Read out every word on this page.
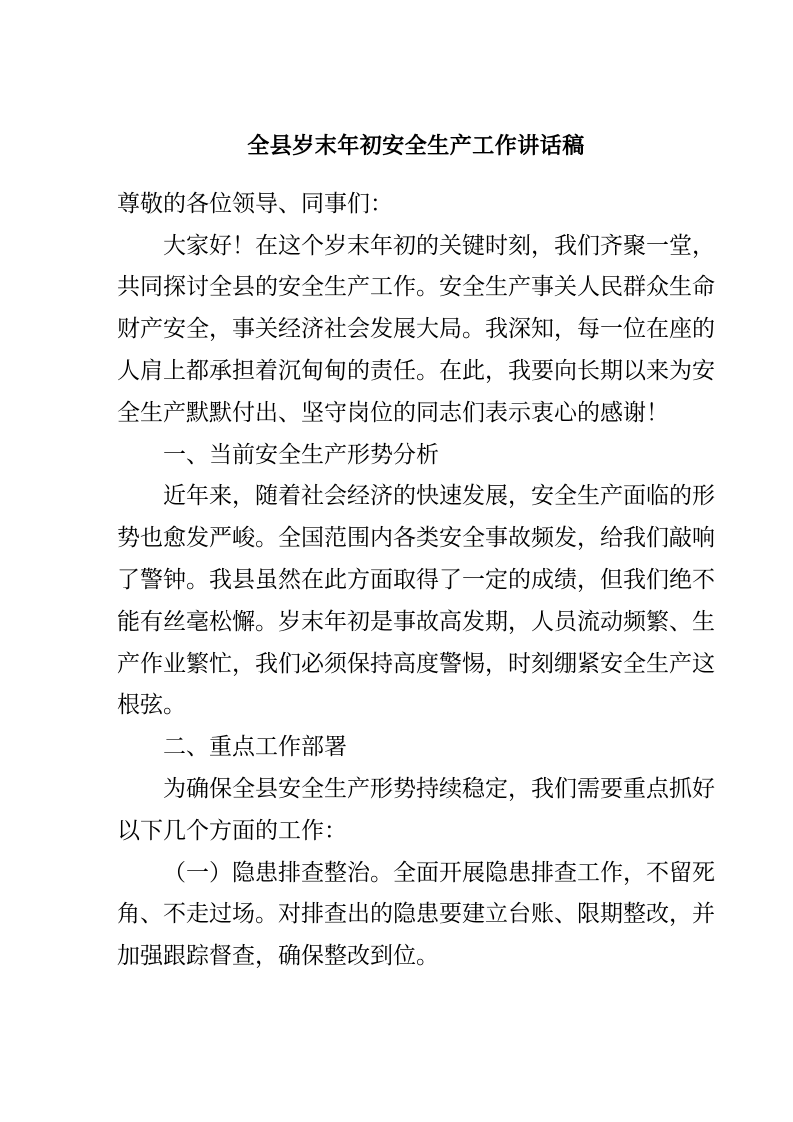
全县岁末年初安全生产工作讲话稿

尊敬的各位领导、同事们：

大家好！在这个岁末年初的关键时刻，我们齐聚一堂，共同探讨全县的安全生产工作。安全生产事关人民群众生命财产安全，事关经济社会发展大局。我深知，每一位在座的人肩上都承担着沉甸甸的责任。在此，我要向长期以来为安全生产默默付出、坚守岗位的同志们表示衷心的感谢！

一、当前安全生产形势分析

近年来，随着社会经济的快速发展，安全生产面临的形势也愈发严峻。全国范围内各类安全事故频发，给我们敲响了警钟。我县虽然在此方面取得了一定的成绩，但我们绝不能有丝毫松懈。岁末年初是事故高发期，人员流动频繁、生产作业繁忙，我们必须保持高度警惕，时刻绷紧安全生产这根弦。

二、重点工作部署

为确保全县安全生产形势持续稳定，我们需要重点抓好以下几个方面的工作：

（一）隐患排查整治。全面开展隐患排查工作，不留死角、不走过场。对排查出的隐患要建立台账、限期整改，并加强跟踪督查，确保整改到位。
